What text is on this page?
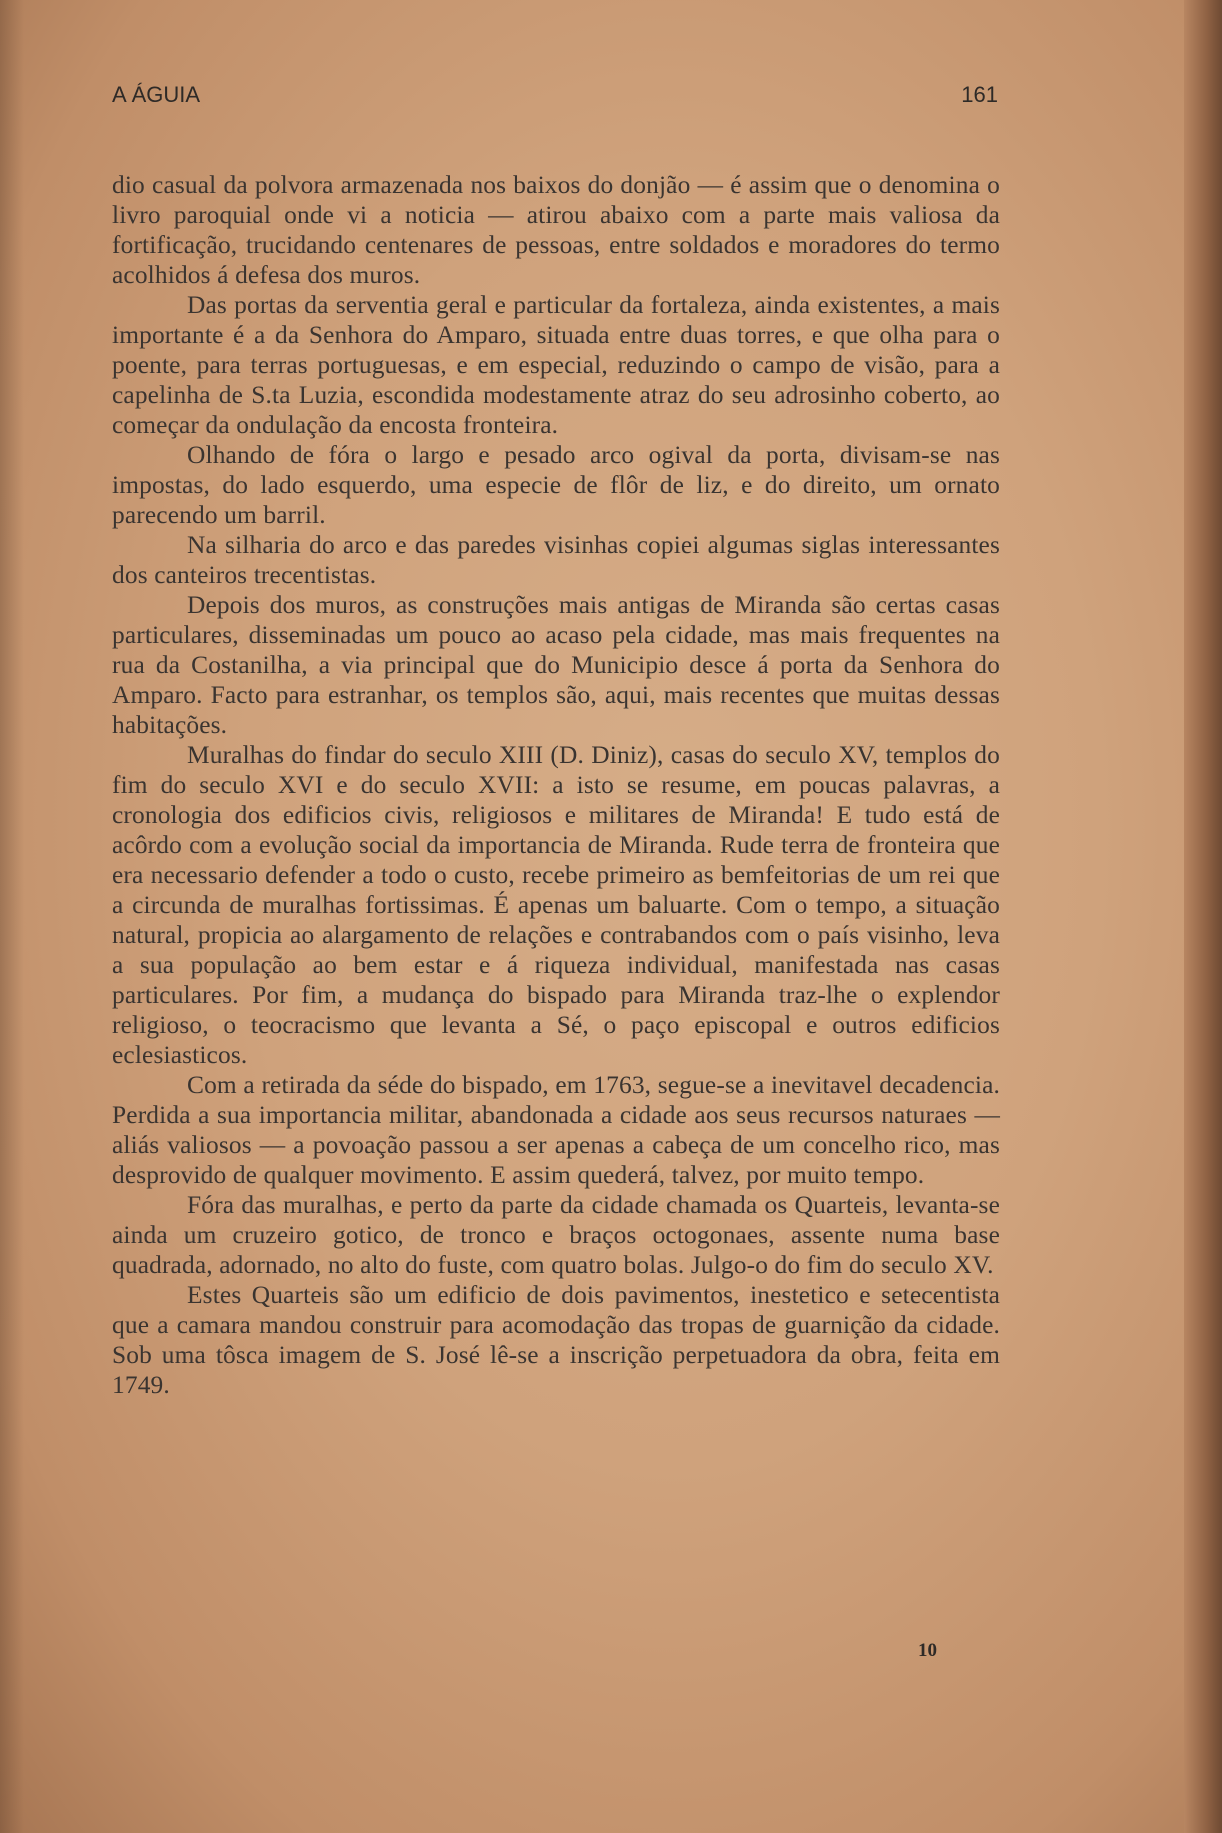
A ÁGUIA	161

dio casual da polvora armazenada nos baixos do donjão — é assim que o denomina o livro paroquial onde vi a noticia — atirou abaixo com a parte mais valiosa da fortificação, trucidando centenares de pessoas, entre soldados e moradores do termo acolhidos á defesa dos muros.

Das portas da serventia geral e particular da fortaleza, ainda existentes, a mais importante é a da Senhora do Amparo, situada entre duas torres, e que olha para o poente, para terras portuguesas, e em especial, reduzindo o campo de visão, para a capelinha de S.ta Luzia, escondida modestamente atraz do seu adrosinho coberto, ao começar da ondulação da encosta fronteira.

Olhando de fóra o largo e pesado arco ogival da porta, divisam-se nas impostas, do lado esquerdo, uma especie de flôr de liz, e do direito, um ornato parecendo um barril.

Na silharia do arco e das paredes visinhas copiei algumas siglas interessantes dos canteiros trecentistas.

Depois dos muros, as construções mais antigas de Miranda são certas casas particulares, disseminadas um pouco ao acaso pela cidade, mas mais frequentes na rua da Costanilha, a via principal que do Municipio desce á porta da Senhora do Amparo. Facto para estranhar, os templos são, aqui, mais recentes que muitas dessas habitações.

Muralhas do findar do seculo XIII (D. Diniz), casas do seculo XV, templos do fim do seculo XVI e do seculo XVII: a isto se resume, em poucas palavras, a cronologia dos edificios civis, religiosos e militares de Miranda! E tudo está de acôrdo com a evolução social da importancia de Miranda. Rude terra de fronteira que era necessario defender a todo o custo, recebe primeiro as bemfeitorias de um rei que a circunda de muralhas fortissimas. É apenas um baluarte. Com o tempo, a situação natural, propicia ao alargamento de relações e contrabandos com o país visinho, leva a sua população ao bem estar e á riqueza individual, manifestada nas casas particulares. Por fim, a mudança do bispado para Miranda traz-lhe o explendor religioso, o teocracismo que levanta a Sé, o paço episcopal e outros edificios eclesiasticos.

Com a retirada da séde do bispado, em 1763, segue-se a inevitavel decadencia. Perdida a sua importancia militar, abandonada a cidade aos seus recursos naturaes — aliás valiosos — a povoação passou a ser apenas a cabeça de um concelho rico, mas desprovido de qualquer movimento. E assim quederá, talvez, por muito tempo.

Fóra das muralhas, e perto da parte da cidade chamada os Quarteis, levanta-se ainda um cruzeiro gotico, de tronco e braços octogonaes, assente numa base quadrada, adornado, no alto do fuste, com quatro bolas. Julgo-o do fim do seculo XV.

Estes Quarteis são um edificio de dois pavimentos, inestetico e setecentista que a camara mandou construir para acomodação das tropas de guarnição da cidade. Sob uma tôsca imagem de S. José lê-se a inscrição perpetuadora da obra, feita em 1749.

10
